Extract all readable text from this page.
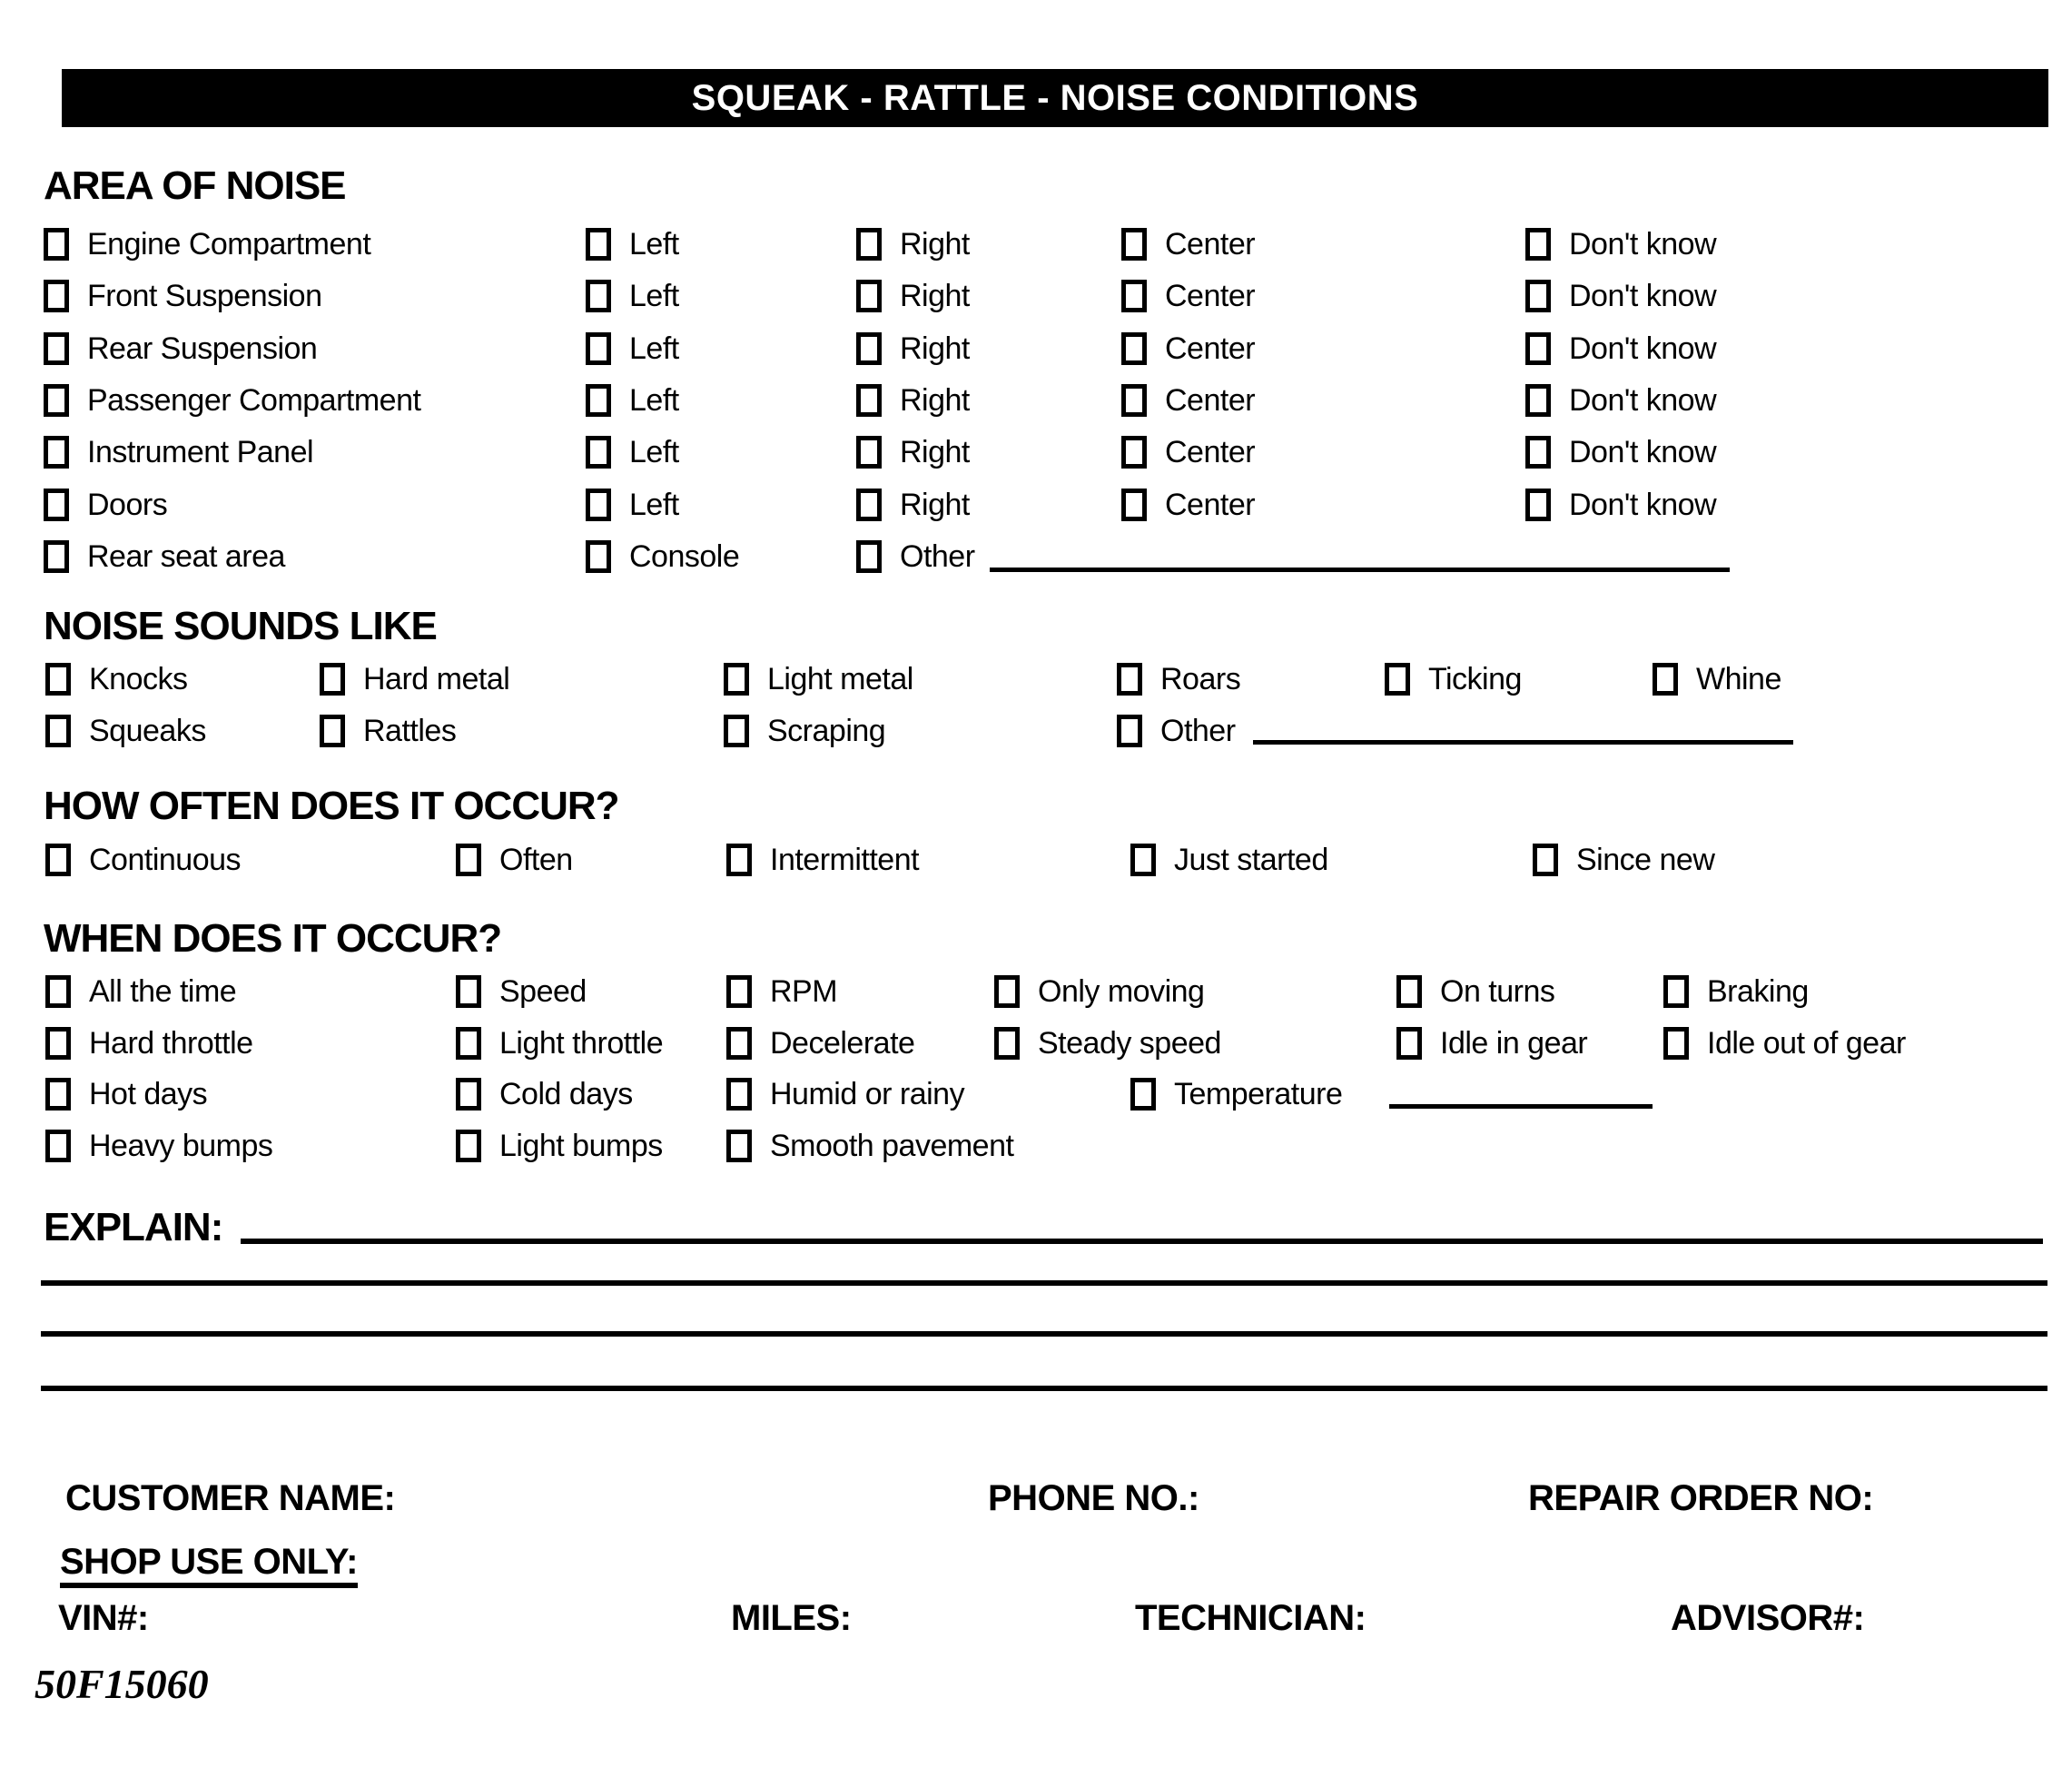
SQUEAK - RATTLE - NOISE CONDITIONS
AREA OF NOISE
Engine Compartment	Left	Right	Center	Don't know
Front Suspension	Left	Right	Center	Don't know
Rear Suspension	Left	Right	Center	Don't know
Passenger Compartment	Left	Right	Center	Don't know
Instrument Panel	Left	Right	Center	Don't know
Doors	Left	Right	Center	Don't know
Rear seat area	Console	Other
NOISE SOUNDS LIKE
Knocks	Hard metal	Light metal	Roars	Ticking	Whine
Squeaks	Rattles	Scraping	Other
HOW OFTEN DOES IT OCCUR?
Continuous	Often	Intermittent	Just started	Since new
WHEN DOES IT OCCUR?
All the time	Speed	RPM	Only moving	On turns	Braking
Hard throttle	Light throttle	Decelerate	Steady speed	Idle in gear	Idle out of gear
Hot days	Cold days	Humid or rainy	Temperature
Heavy bumps	Light bumps	Smooth pavement
EXPLAIN:
CUSTOMER NAME:	PHONE NO.:	REPAIR ORDER NO:
SHOP USE ONLY:
VIN#:	MILES:	TECHNICIAN:	ADVISOR#:
50F15060
